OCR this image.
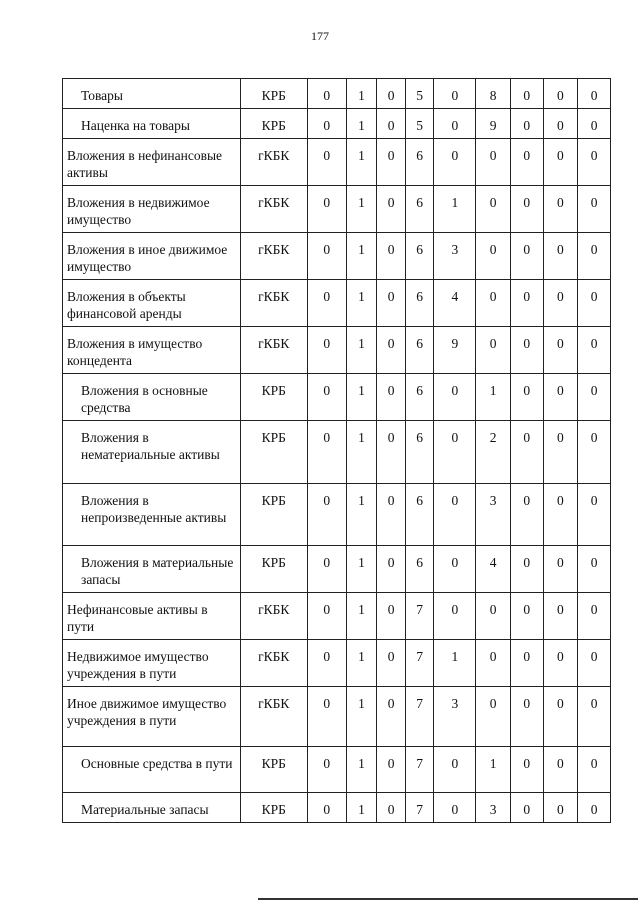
177
Товары	КРБ	0	1	0	5	0	8	0	0	0
Наценка на товары	КРБ	0	1	0	5	0	9	0	0	0
Вложения в нефинансовые активы	гКБК	0	1	0	6	0	0	0	0	0
Вложения в недвижимое имущество	гКБК	0	1	0	6	1	0	0	0	0
Вложения в иное движимое имущество	гКБК	0	1	0	6	3	0	0	0	0
Вложения в объекты финансовой аренды	гКБК	0	1	0	6	4	0	0	0	0
Вложения в имущество концедента	гКБК	0	1	0	6	9	0	0	0	0
Вложения в основные средства	КРБ	0	1	0	6	0	1	0	0	0
Вложения в нематериальные активы	КРБ	0	1	0	6	0	2	0	0	0
Вложения в непроизведенные активы	КРБ	0	1	0	6	0	3	0	0	0
Вложения в материальные запасы	КРБ	0	1	0	6	0	4	0	0	0
Нефинансовые активы в пути	гКБК	0	1	0	7	0	0	0	0	0
Недвижимое имущество учреждения в пути	гКБК	0	1	0	7	1	0	0	0	0
Иное движимое имущество учреждения в пути	гКБК	0	1	0	7	3	0	0	0	0
Основные средства в пути	КРБ	0	1	0	7	0	1	0	0	0
Материальные запасы	КРБ	0	1	0	7	0	3	0	0	0
